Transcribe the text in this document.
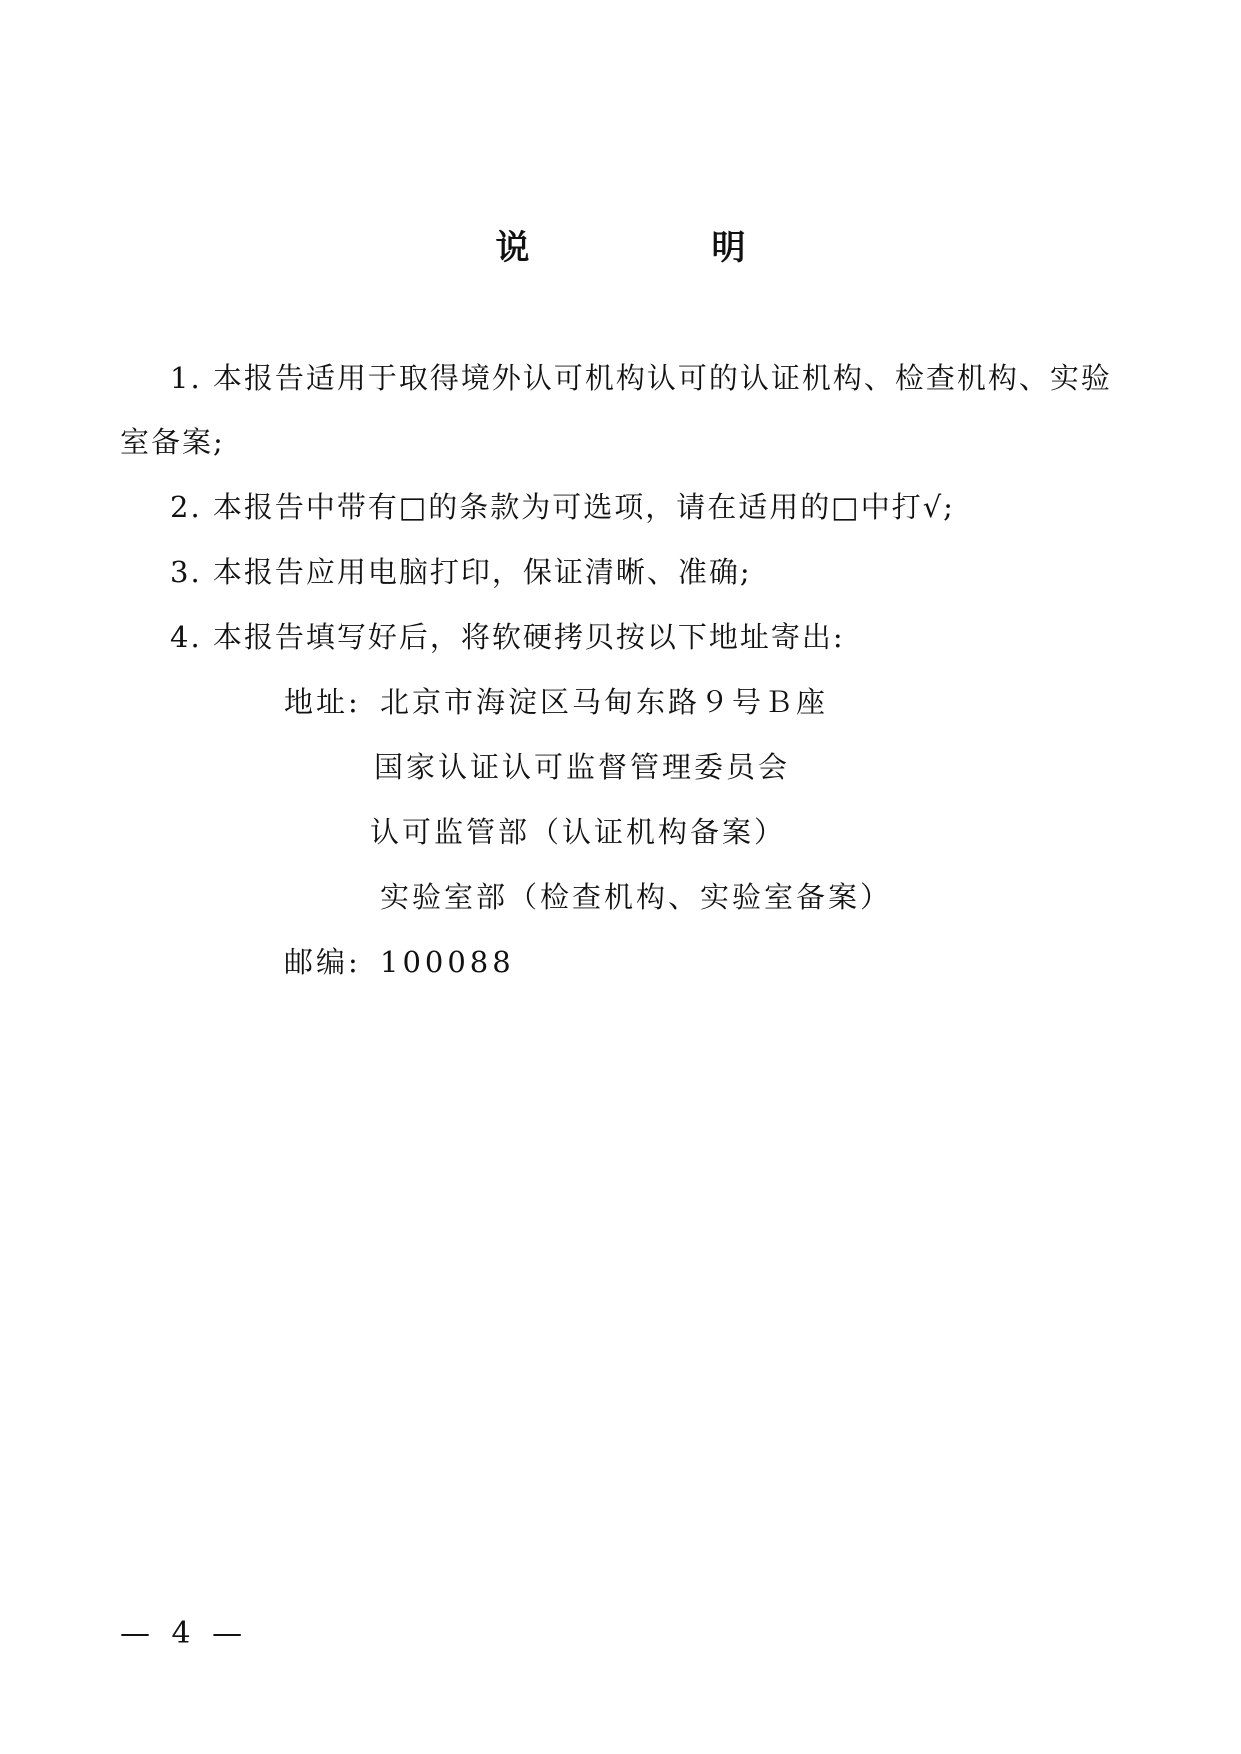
说　明
1. 本报告适用于取得境外认可机构认可的认证机构、检查机构、实验
室备案;
2. 本报告中带有□的条款为可选项，请在适用的□中打√;
3. 本报告应用电脑打印，保证清晰、准确;
4. 本报告填写好后，将软硬拷贝按以下地址寄出:
地址: 北京市海淀区马甸东路９号Ｂ座
国家认证认可监督管理委员会
认可监管部（认证机构备案）
实验室部（检查机构、实验室备案）
邮编: 100088
— 4 —
